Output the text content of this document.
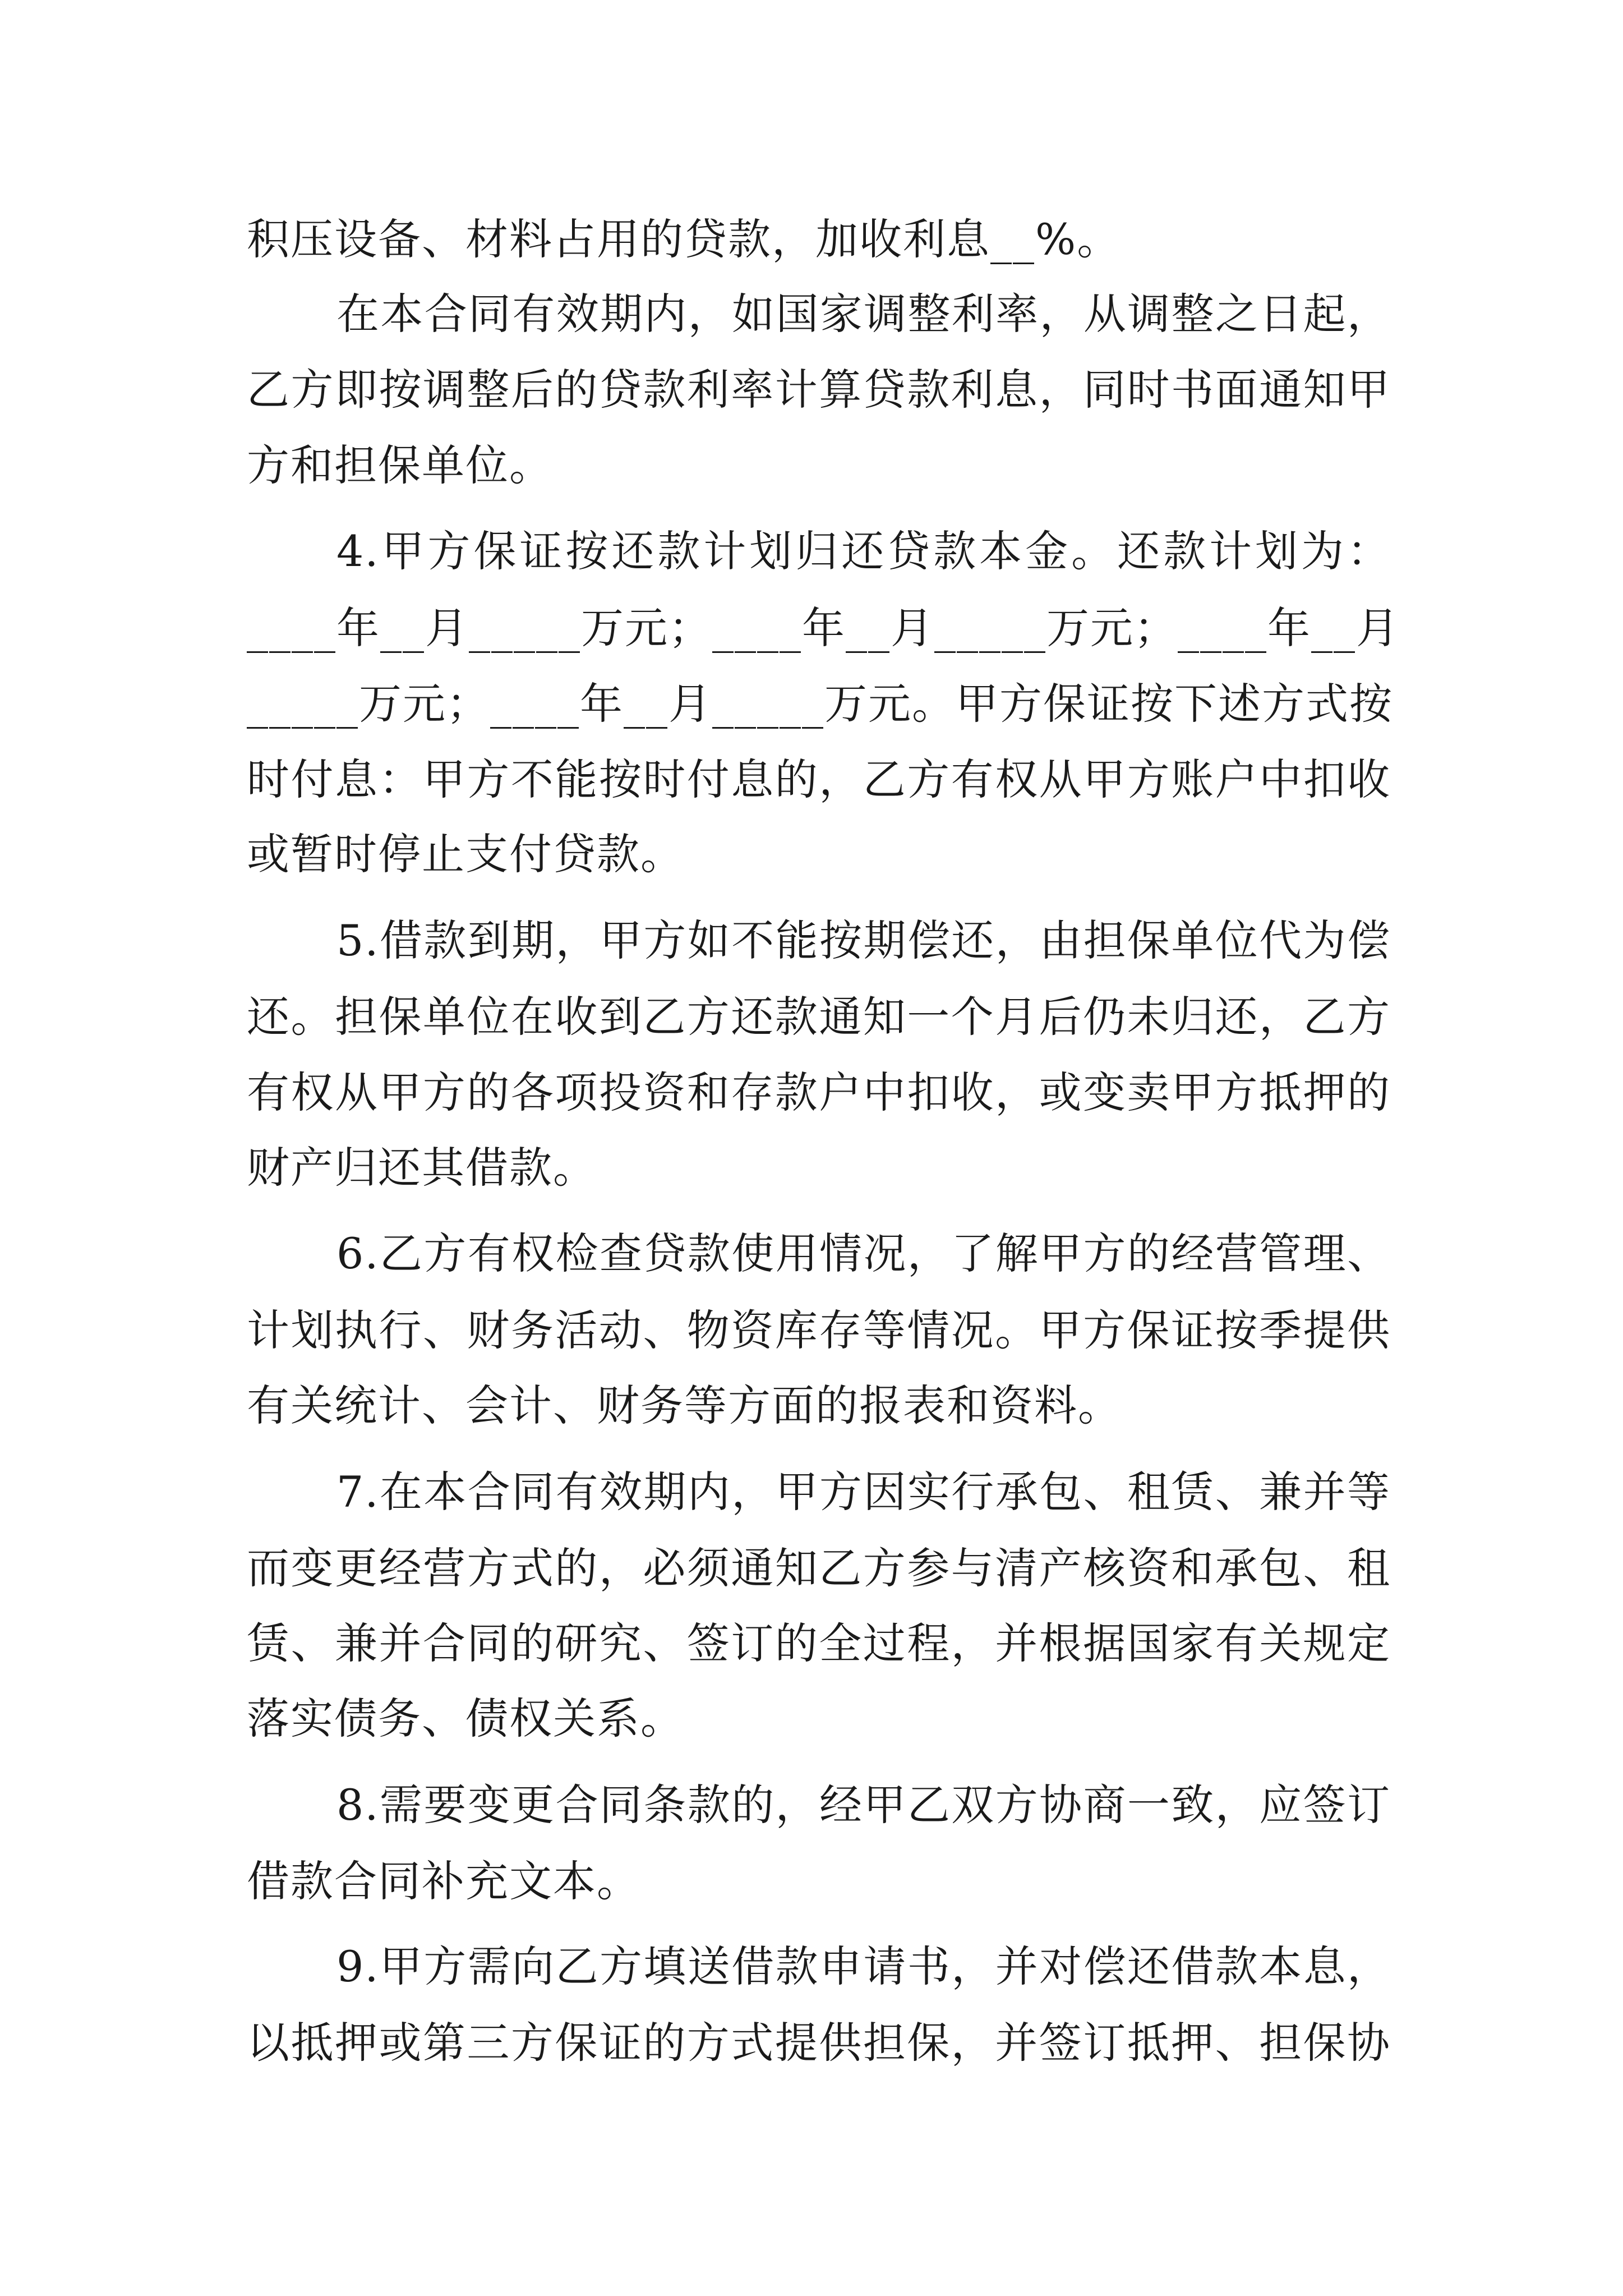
积压设备、材料占用的贷款，加收利息__%。
在本合同有效期内，如国家调整利率，从调整之日起，
乙方即按调整后的贷款利率计算贷款利息，同时书面通知甲
方和担保单位。
4.甲方保证按还款计划归还贷款本金。还款计划为：
____年__月_____万元；____年__月_____万元；____年__月
_____万元；____年__月_____万元。甲方保证按下述方式按
时付息：甲方不能按时付息的，乙方有权从甲方账户中扣收
或暂时停止支付贷款。
5.借款到期，甲方如不能按期偿还，由担保单位代为偿
还。担保单位在收到乙方还款通知一个月后仍未归还，乙方
有权从甲方的各项投资和存款户中扣收，或变卖甲方抵押的
财产归还其借款。
6.乙方有权检查贷款使用情况，了解甲方的经营管理、
计划执行、财务活动、物资库存等情况。甲方保证按季提供
有关统计、会计、财务等方面的报表和资料。
7.在本合同有效期内，甲方因实行承包、租赁、兼并等
而变更经营方式的，必须通知乙方参与清产核资和承包、租
赁、兼并合同的研究、签订的全过程，并根据国家有关规定
落实债务、债权关系。
8.需要变更合同条款的，经甲乙双方协商一致，应签订
借款合同补充文本。
9.甲方需向乙方填送借款申请书，并对偿还借款本息，
以抵押或第三方保证的方式提供担保，并签订抵押、担保协
